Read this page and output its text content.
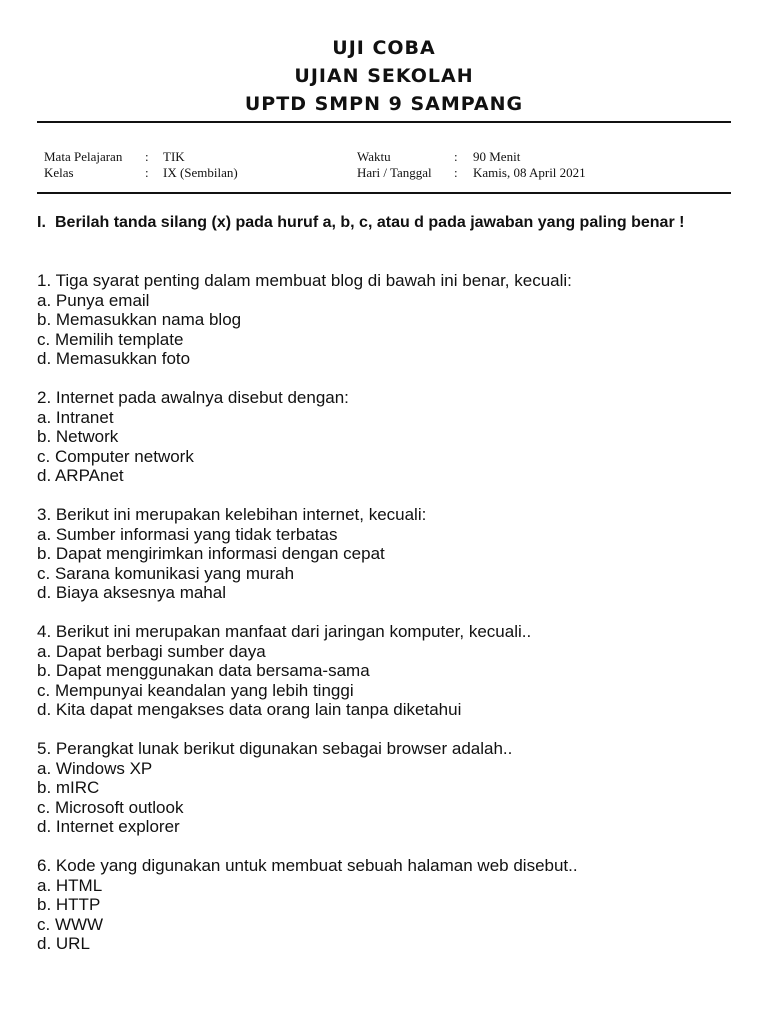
UJI COBA
UJIAN SEKOLAH
UPTD SMPN 9 SAMPANG
Mata Pelajaran : TIK
Kelas	: IX (Sembilan)
Waktu	: 90 Menit
Hari / Tanggal : Kamis, 08 April 2021
I. Berilah tanda silang (x) pada huruf a, b, c, atau d pada jawaban yang paling benar !
1. Tiga syarat penting dalam membuat blog di bawah ini benar, kecuali:
a. Punya email
b. Memasukkan nama blog
c. Memilih template
d. Memasukkan foto
2. Internet pada awalnya disebut dengan:
a. Intranet
b. Network
c. Computer network
d. ARPAnet
3. Berikut ini merupakan kelebihan internet, kecuali:
a. Sumber informasi yang tidak terbatas
b. Dapat mengirimkan informasi dengan cepat
c. Sarana komunikasi yang murah
d. Biaya aksesnya mahal
4. Berikut ini merupakan manfaat dari jaringan komputer, kecuali..
a. Dapat berbagi sumber daya
b. Dapat menggunakan data bersama-sama
c. Mempunyai keandalan yang lebih tinggi
d. Kita dapat mengakses data orang lain tanpa diketahui
5. Perangkat lunak berikut digunakan sebagai browser adalah..
a. Windows XP
b. mIRC
c. Microsoft outlook
d. Internet explorer
6. Kode yang digunakan untuk membuat sebuah halaman web disebut..
a. HTML
b. HTTP
c. WWW
d. URL
